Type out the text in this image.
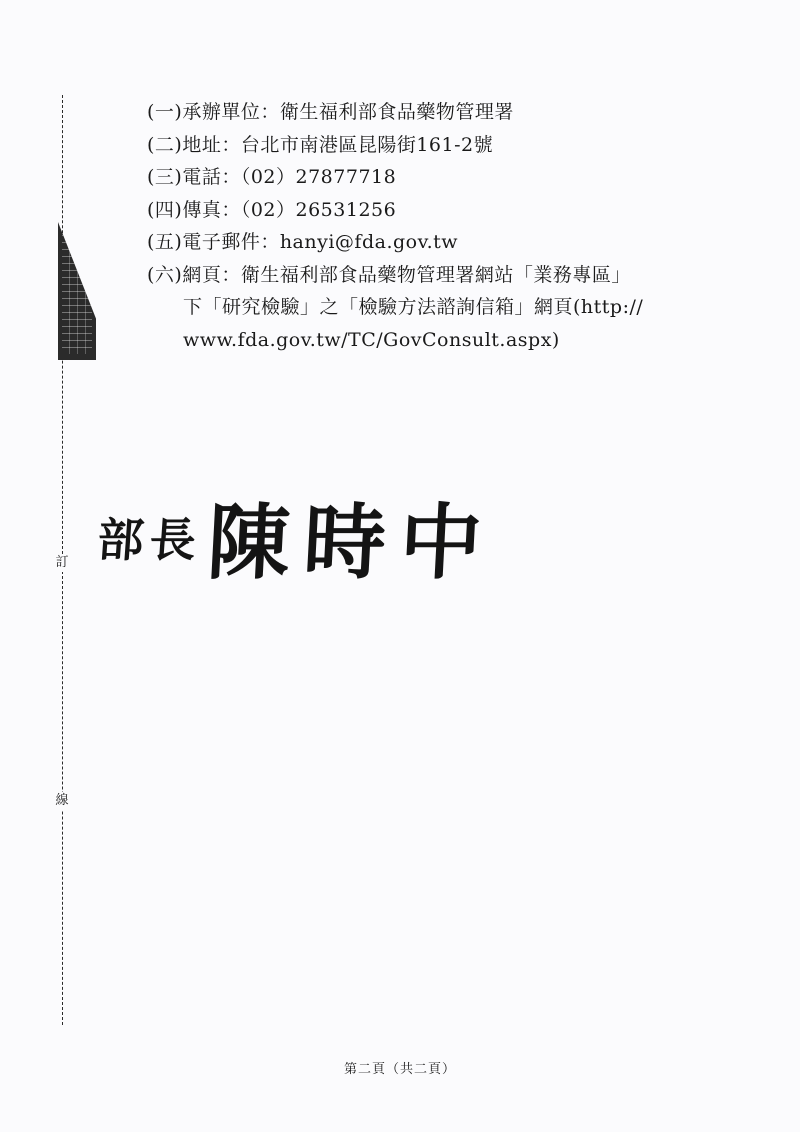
訂
線
(一)承辦單位：衛生福利部食品藥物管理署
(二)地址：台北市南港區昆陽街161-2號
(三)電話：（02）27877718
(四)傳真：（02）26531256
(五)電子郵件：hanyi@fda.gov.tw
(六)網頁：衛生福利部食品藥物管理署網站「業務專區」
下「研究檢驗」之「檢驗方法諮詢信箱」網頁(http://
www.fda.gov.tw/TC/GovConsult.aspx)
部長陳時中
第二頁（共二頁）
